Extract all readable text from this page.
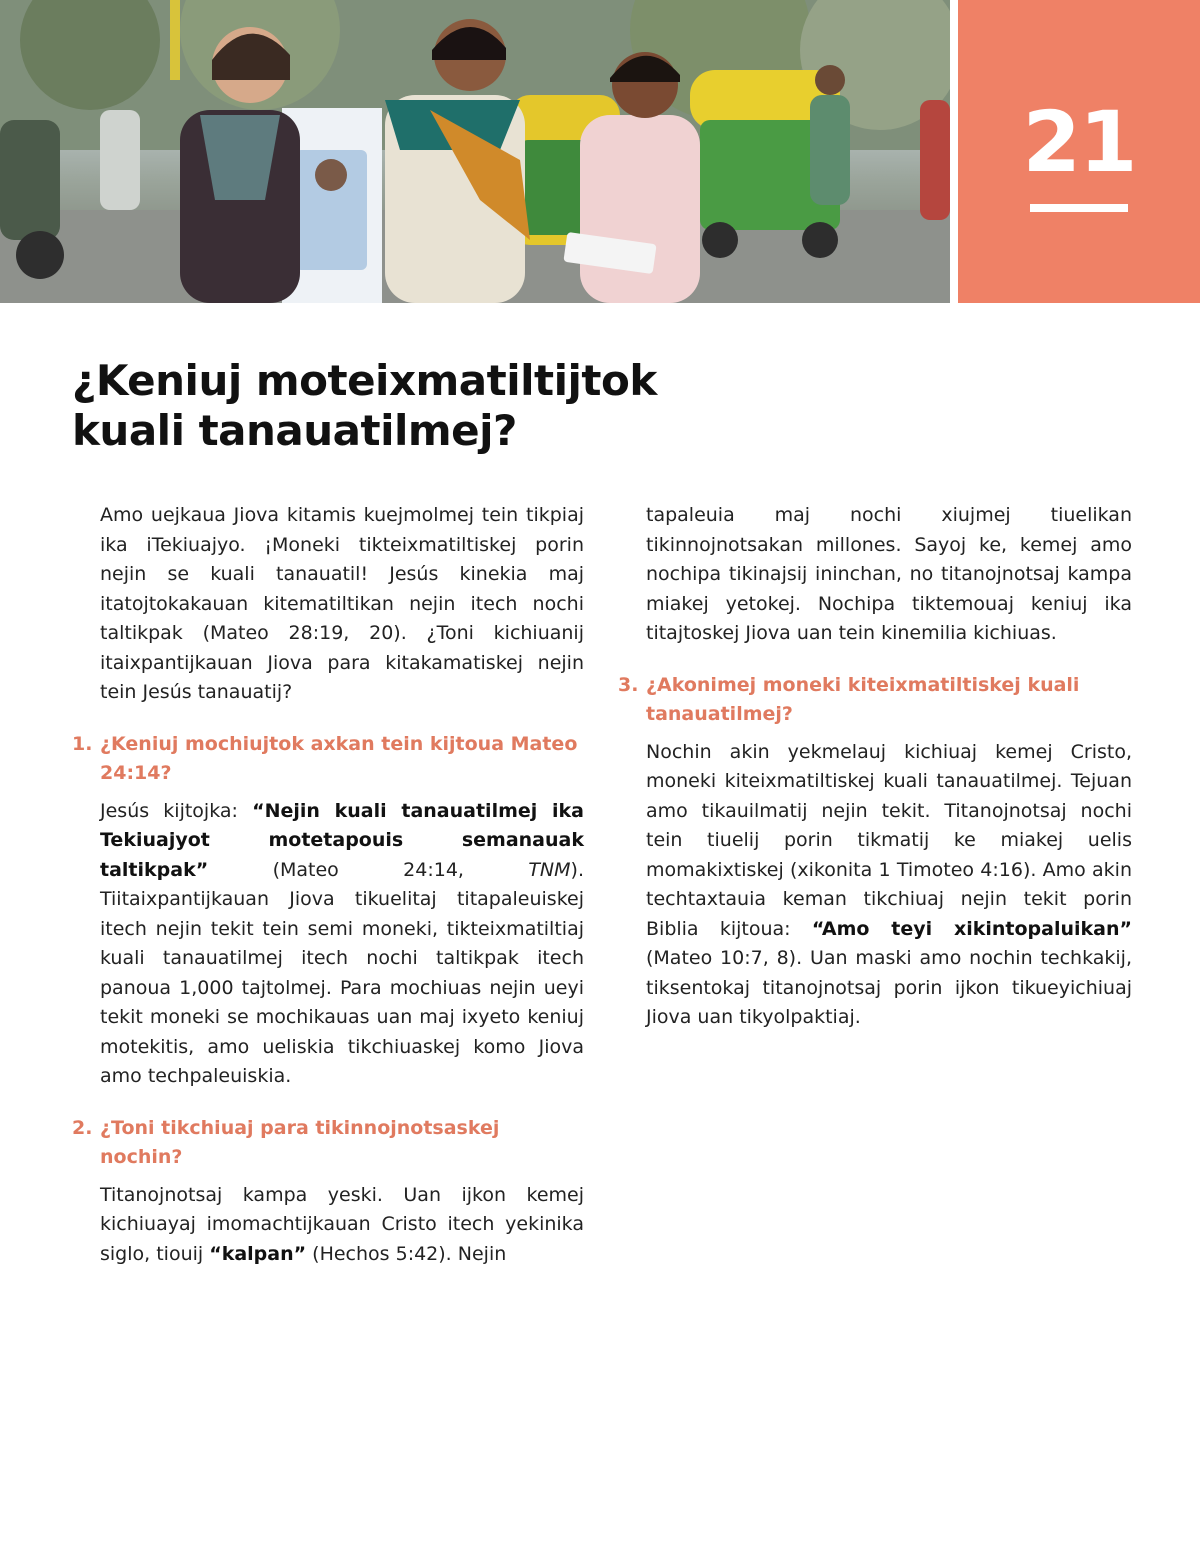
21
¿Keniuj moteixmatiltijtok
kuali tanauatilmej?

Amo uejkaua Jiova kitamis kuejmolmej tein tikpiaj ika iTekiuajyo. ¡Moneki tikteixmatiltiskej porin nejin se kuali tanauatil! Jesús kinekia maj itatojtokakauan kitematiltikan nejin itech nochi taltikpak (Mateo 28:19, 20). ¿Toni kichiuanij itaixpantijkauan Jiova para kitakamatiskej nejin tein Jesús tanauatij?

1. ¿Keniuj mochiujtok axkan tein kijtoua Mateo 24:14?

Jesús kijtojka: “Nejin kuali tanauatilmej ika Tekiuajyot motetapouis semanauak taltikpak” (Mateo 24:14, TNM). Tiitaixpantijkauan Jiova tikuelitaj titapaleuiskej itech nejin tekit tein semi moneki, tikteixmatiltiaj kuali tanauatilmej itech nochi taltikpak itech panoua 1,000 tajtolmej. Para mochiuas nejin ueyi tekit moneki se mochikauas uan maj ixyeto keniuj motekitis, amo ueliskia tikchiuaskej komo Jiova amo techpaleuiskia.

2. ¿Toni tikchiuaj para tikinnojnotsaskej nochin?

Titanojnotsaj kampa yeski. Uan ijkon kemej kichiuayaj imomachtijkauan Cristo itech yekinika siglo, tiouij “kalpan” (Hechos 5:42). Nejin

tapaleuia maj nochi xiujmej tiuelikan tikinnojnotsakan millones. Sayoj ke, kemej amo nochipa tikinajsij ininchan, no titanojnotsaj kampa miakej yetokej. Nochipa tiktemouaj keniuj ika titajtoskej Jiova uan tein kinemilia kichiuas.

3. ¿Akonimej moneki kiteixmatiltiskej kuali tanauatilmej?

Nochin akin yekmelauj kichiuaj kemej Cristo, moneki kiteixmatiltiskej kuali tanauatilmej. Tejuan amo tikauilmatij nejin tekit. Titanojnotsaj nochi tein tiuelij porin tikmatij ke miakej uelis momakixtiskej (xikonita 1 Timoteo 4:16). Amo akin techtaxtauia keman tikchiuaj nejin tekit porin Biblia kijtoua: “Amo teyi xikintopaluikan” (Mateo 10:7, 8). Uan maski amo nochin techkakij, tiksentokaj titanojnotsaj porin ijkon tikueyichiuaj Jiova uan tikyolpaktiaj.
